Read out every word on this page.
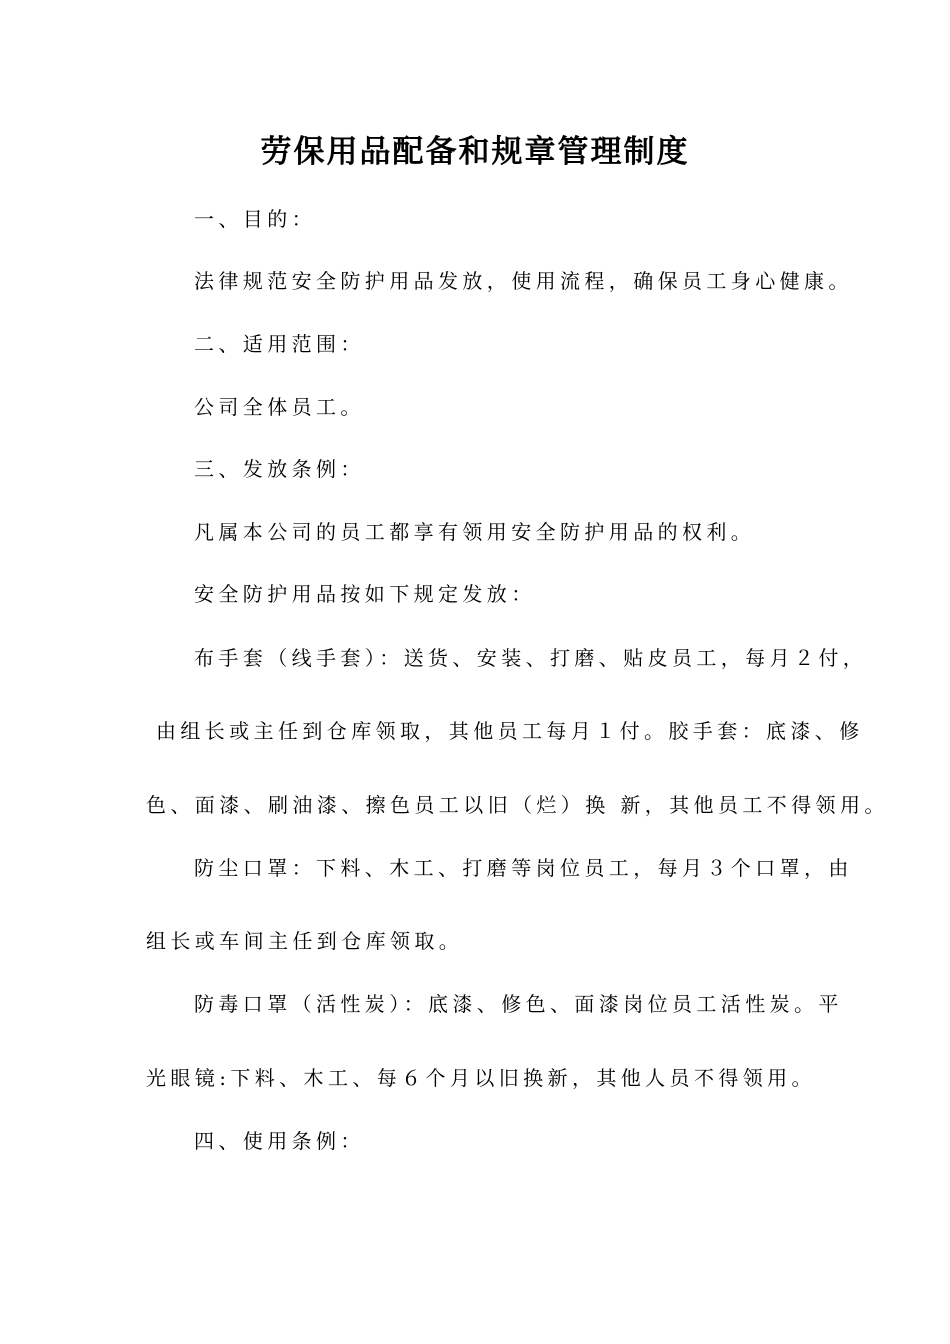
劳保用品配备和规章管理制度
一、目的：
法律规范安全防护用品发放，使用流程，确保员工身心健康。
二、适用范围：
公司全体员工。
三、发放条例：
凡属本公司的员工都享有领用安全防护用品的权利。
安全防护用品按如下规定发放：
布手套（线手套）：送货、安装、打磨、贴皮员工，每月２付，
由组长或主任到仓库领取，其他员工每月１付。胶手套：底漆、修
色、面漆、刷油漆、擦色员工以旧（烂）换 新，其他员工不得领用。
防尘口罩：下料、木工、打磨等岗位员工，每月３个口罩，由
组长或车间主任到仓库领取。
防毒口罩（活性炭）：底漆、修色、面漆岗位员工活性炭。平
光眼镜:下料、木工、每６个月以旧换新，其他人员不得领用。
四、使用条例：
